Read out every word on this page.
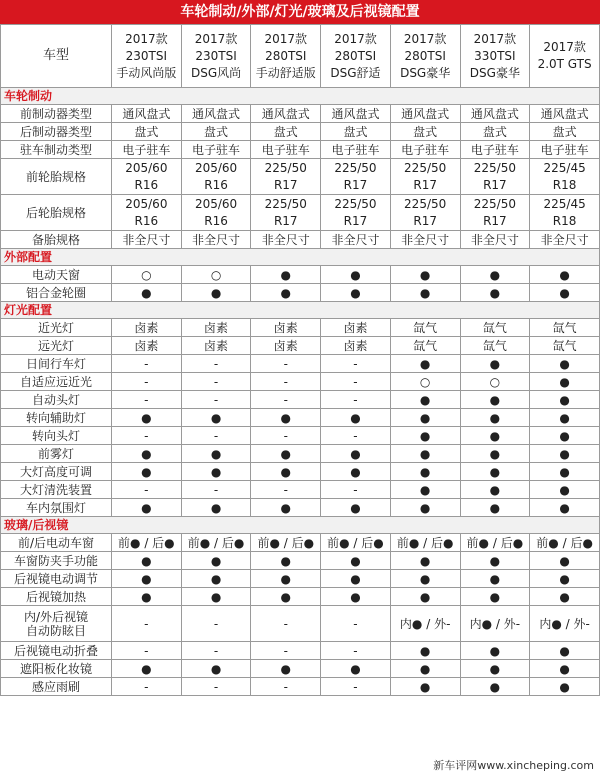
车轮制动/外部/灯光/玻璃及后视镜配置
车型	2017款
230TSI
手动风尚版	2017款
230TSI
DSG风尚	2017款
280TSI
手动舒适版	2017款
280TSI
DSG舒适	2017款
280TSI
DSG豪华	2017款
330TSI
DSG豪华	2017款
2.0T GTS
车轮制动							
前制动器类型	通风盘式	通风盘式	通风盘式	通风盘式	通风盘式	通风盘式	通风盘式
后制动器类型	盘式	盘式	盘式	盘式	盘式	盘式	盘式
驻车制动类型	电子驻车	电子驻车	电子驻车	电子驻车	电子驻车	电子驻车	电子驻车
前轮胎规格	205/60
R16	205/60
R16	225/50
R17	225/50
R17	225/50
R17	225/50
R17	225/45
R18
后轮胎规格	205/60
R16	205/60
R16	225/50
R17	225/50
R17	225/50
R17	225/50
R17	225/45
R18
备胎规格	非全尺寸	非全尺寸	非全尺寸	非全尺寸	非全尺寸	非全尺寸	非全尺寸
外部配置							
电动天窗	○	○	●	●	●	●	●
铝合金轮圈	●	●	●	●	●	●	●
灯光配置							
近光灯	卤素	卤素	卤素	卤素	氙气	氙气	氙气
远光灯	卤素	卤素	卤素	卤素	氙气	氙气	氙气
日间行车灯	-	-	-	-	●	●	●
自适应远近光	-	-	-	-	○	○	●
自动头灯	-	-	-	-	●	●	●
转向辅助灯	●	●	●	●	●	●	●
转向头灯	-	-	-	-	●	●	●
前雾灯	●	●	●	●	●	●	●
大灯高度可调	●	●	●	●	●	●	●
大灯清洗装置	-	-	-	-	●	●	●
车内氛围灯	●	●	●	●	●	●	●
玻璃/后视镜							
前/后电动车窗	前● / 后●	前● / 后●	前● / 后●	前● / 后●	前● / 后●	前● / 后●	前● / 后●
车窗防夹手功能	●	●	●	●	●	●	●
后视镜电动调节	●	●	●	●	●	●	●
后视镜加热	●	●	●	●	●	●	●
内/外后视镜
自动防眩目	-	-	-	-	内● / 外-	内● / 外-	内● / 外-
后视镜电动折叠	-	-	-	-	●	●	●
遮阳板化妆镜	●	●	●	●	●	●	●
感应雨刷	-	-	-	-	●	●	●
新车评网www.xincheping.com
